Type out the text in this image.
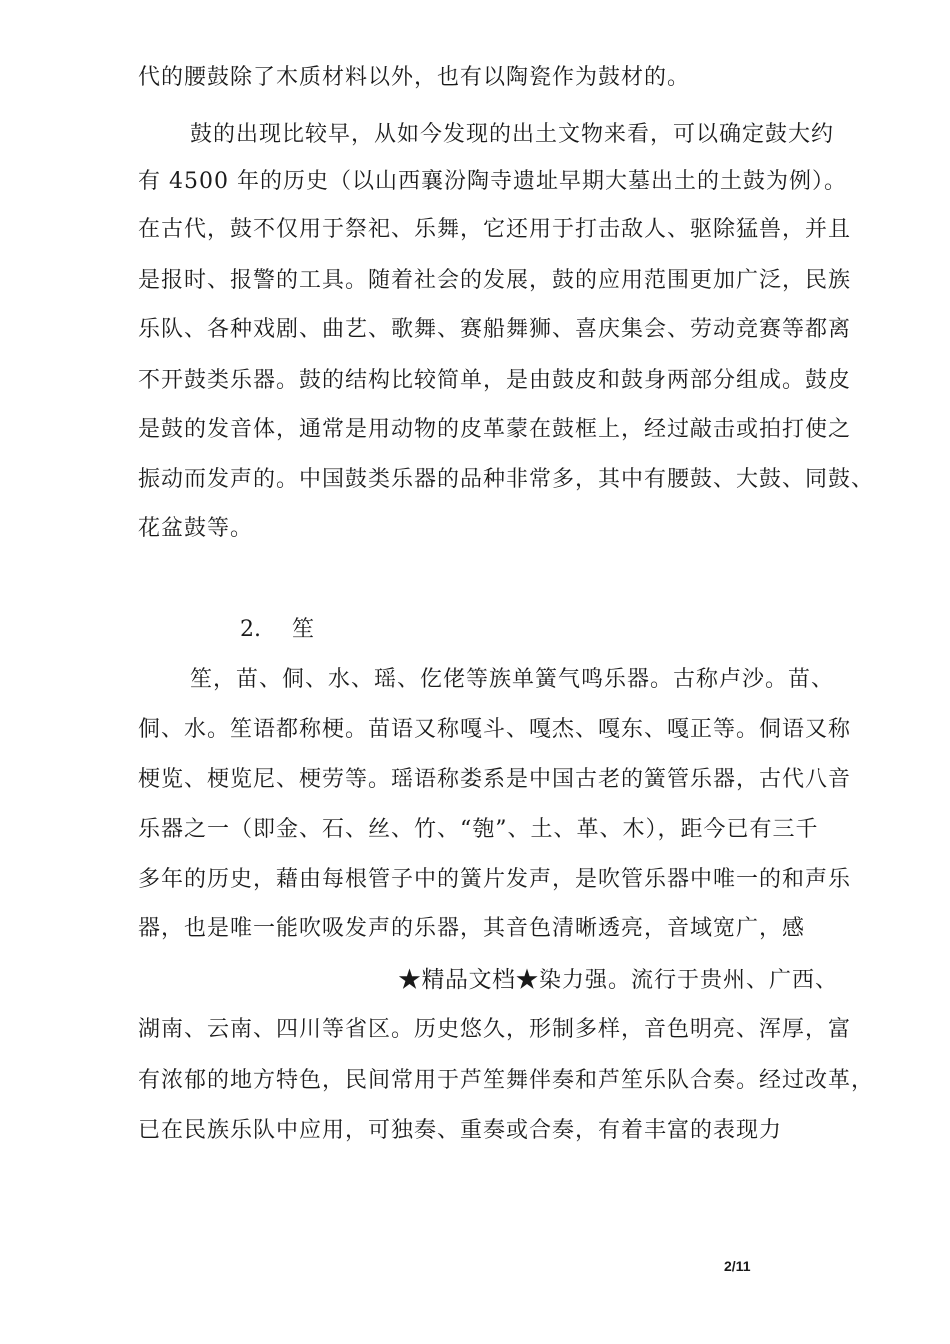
代的腰鼓除了木质材料以外，也有以陶瓷作为鼓材的。
鼓的出现比较早，从如今发现的出土文物来看，可以确定鼓大约
有 4500 年的历史（以山西襄汾陶寺遗址早期大墓出土的土鼓为例）。
在古代，鼓不仅用于祭祀、乐舞，它还用于打击敌人、驱除猛兽，并且
是报时、报警的工具。随着社会的发展，鼓的应用范围更加广泛，民族
乐队、各种戏剧、曲艺、歌舞、赛船舞狮、喜庆集会、劳动竞赛等都离
不开鼓类乐器。鼓的结构比较简单，是由鼓皮和鼓身两部分组成。鼓皮
是鼓的发音体，通常是用动物的皮革蒙在鼓框上，经过敲击或拍打使之
振动而发声的。中国鼓类乐器的品种非常多，其中有腰鼓、大鼓、同鼓、
花盆鼓等。
2. 笙
笙，苗、侗、水、瑶、仡佬等族单簧气鸣乐器。古称卢沙。苗、
侗、水。笙语都称梗。苗语又称嘎斗、嘎杰、嘎东、嘎正等。侗语又称
梗览、梗览尼、梗劳等。瑶语称娄系是中国古老的簧管乐器，古代八音
乐器之一（即金、石、丝、竹、“匏”、土、革、木），距今已有三千
多年的历史，藉由每根管子中的簧片发声，是吹管乐器中唯一的和声乐
器，也是唯一能吹吸发声的乐器，其音色清晰透亮，音域宽广，感
★精品文档★染力强。流行于贵州、广西、
湖南、云南、四川等省区。历史悠久，形制多样，音色明亮、浑厚，富
有浓郁的地方特色，民间常用于芦笙舞伴奏和芦笙乐队合奏。经过改革，
已在民族乐队中应用，可独奏、重奏或合奏，有着丰富的表现力
2/11
